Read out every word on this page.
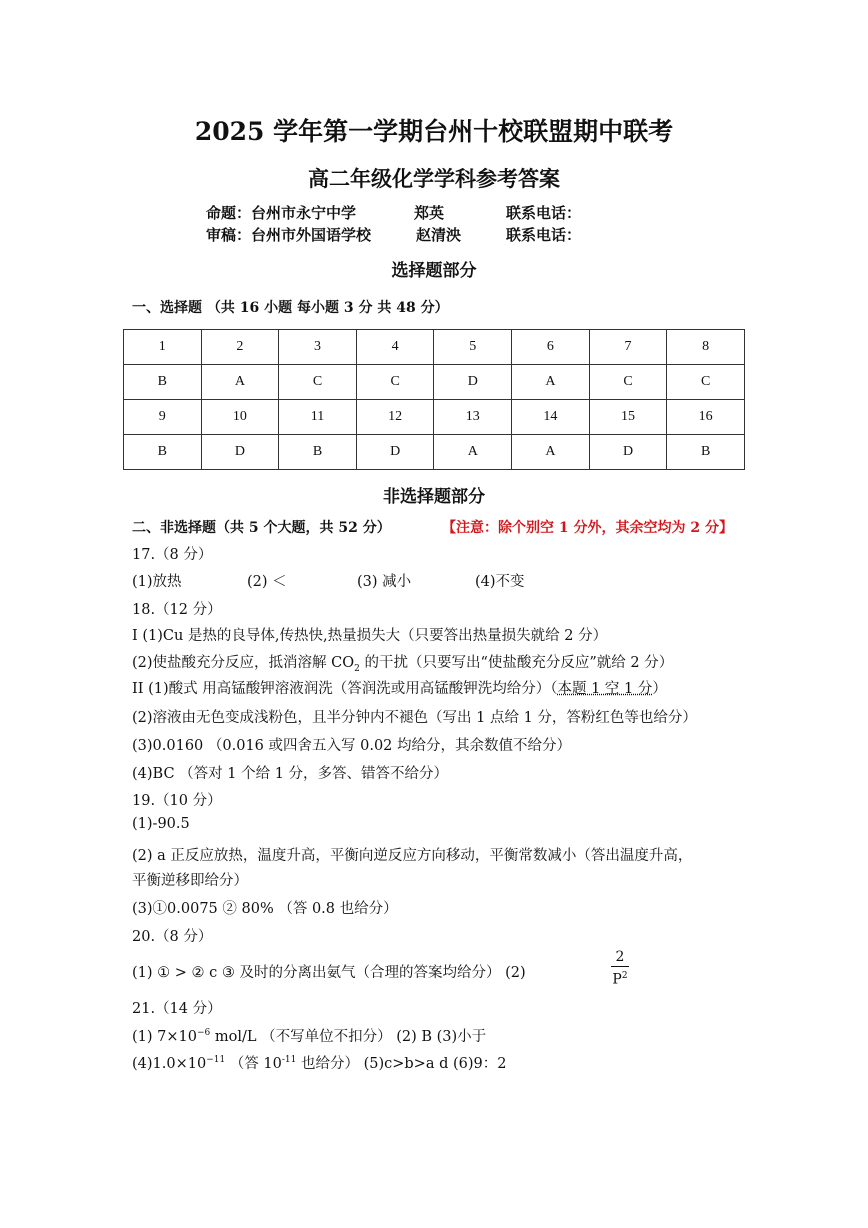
2025 学年第一学期台州十校联盟期中联考
高二年级化学学科参考答案
命题：台州市永宁中学	郑英	联系电话：
审稿：台州市外国语学校	赵清泱	联系电话：
选择题部分
一、选择题 （共 16 小题 每小题 3 分 共 48 分）
1	2	3	4	5	6	7	8
B	A	C	C	D	A	C	C
9	10	11	12	13	14	15	16
B	D	B	D	A	A	D	B
非选择题部分
二、非选择题（共 5 个大题，共 52 分）	【注意：除个别空 1 分外，其余空均为 2 分】
17.（8 分）
(1)放热	(2) ＜	(3) 减小	(4)不变
18.（12 分）
I (1)Cu 是热的良导体,传热快,热量损失大（只要答出热量损失就给 2 分）
(2)使盐酸充分反应，抵消溶解 $CO_2$ 的干扰（只要写出“使盐酸充分反应”就给 2 分）
II (1)酸式 用高锰酸钾溶液润洗（答润洗或用高锰酸钾洗均给分）（本题 1 空 1 分）
(2)溶液由无色变成浅粉色，且半分钟内不褪色（写出 1 点给 1 分，答粉红色等也给分）
(3)0.0160 （0.016 或四舍五入写 0.02 均给分，其余数值不给分）
(4)BC （答对 1 个给 1 分，多答、错答不给分）
19.（10 分）
(1)-90.5
(2) a 正反应放热，温度升高，平衡向逆反应方向移动，平衡常数减小（答出温度升高，
平衡逆移即给分）
(3)①0.0075 ② 80% （答 0.8 也给分）
20.（8 分）
(1) ① > ② c ③ 及时的分离出氨气（合理的答案均给分） (2)
2
$P^2$
21.（14 分）
(1) $7\times 10^{-6}$ mol/L （不写单位不扣分） (2) B (3)小于
$(4)1.0\times 10^{-11}$ （答 $10^{-11}$ 也给分） (5)c>b>a d (6)9：2
